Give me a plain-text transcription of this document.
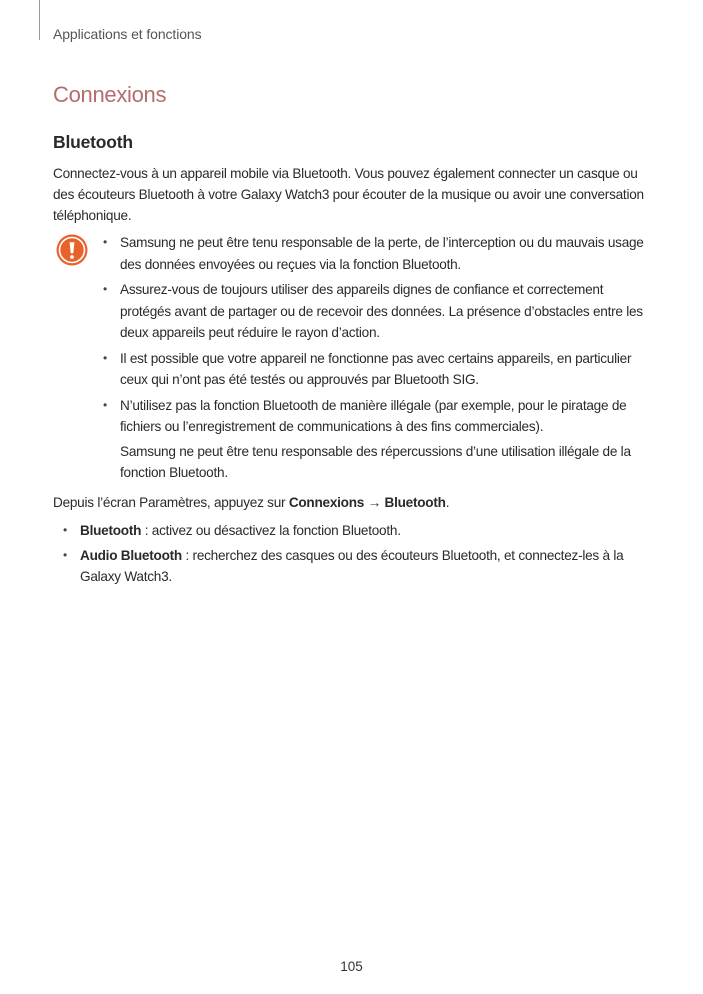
Applications et fonctions
Connexions
Bluetooth

Connectez-vous à un appareil mobile via Bluetooth. Vous pouvez également connecter un casque ou des écouteurs Bluetooth à votre Galaxy Watch3 pour écouter de la musique ou avoir une conversation téléphonique.

• Samsung ne peut être tenu responsable de la perte, de l’interception ou du mauvais usage des données envoyées ou reçues via la fonction Bluetooth.

• Assurez-vous de toujours utiliser des appareils dignes de confiance et correctement protégés avant de partager ou de recevoir des données. La présence d’obstacles entre les deux appareils peut réduire le rayon d’action.

• Il est possible que votre appareil ne fonctionne pas avec certains appareils, en particulier ceux qui n’ont pas été testés ou approuvés par Bluetooth SIG.

• N’utilisez pas la fonction Bluetooth de manière illégale (par exemple, pour le piratage de fichiers ou l’enregistrement de communications à des fins commerciales).

Samsung ne peut être tenu responsable des répercussions d’une utilisation illégale de la fonction Bluetooth.

Depuis l’écran Paramètres, appuyez sur Connexions → Bluetooth.

• Bluetooth : activez ou désactivez la fonction Bluetooth.
• Audio Bluetooth : recherchez des casques ou des écouteurs Bluetooth, et connectez-les à la Galaxy Watch3.
105
